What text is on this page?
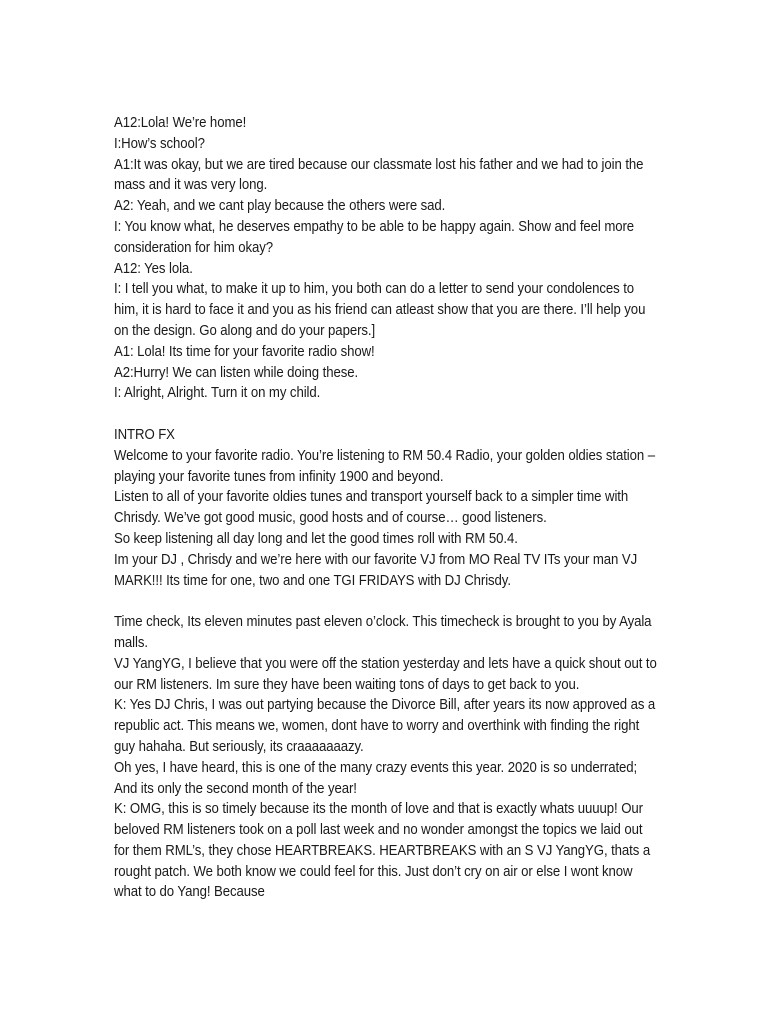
A12:Lola! We’re home!

I:How’s school?

A1:It was okay, but we are tired because our classmate lost his father and we had to join the mass and it was very long.

A2: Yeah, and we cant play because the others were sad.

I: You know what, he deserves empathy to be able to be happy again. Show and feel more consideration for him okay?

A12: Yes lola.

I: I tell you what, to make it up to him, you both can do a letter to send your condolences to him, it is hard to face it and you as his friend can atleast show that you are there. I’ll help you on the design. Go along and do your papers.]

A1: Lola! Its time for your favorite radio show!

A2:Hurry! We can listen while doing these.

I: Alright, Alright. Turn it on my child.

INTRO FX

Welcome to your favorite radio. You’re listening to RM 50.4 Radio, your golden oldies station – playing your favorite tunes from infinity 1900 and beyond.

Listen to all of your favorite oldies tunes and transport yourself back to a simpler time with Chrisdy. We’ve got good music, good hosts and of course… good listeners.

So keep listening all day long and let the good times roll with RM 50.4.

Im your DJ , Chrisdy and we’re here with our favorite VJ from MO Real TV ITs your man VJ MARK!!! Its time for one, two and one TGI FRIDAYS with DJ Chrisdy.

Time check, Its eleven minutes past eleven o’clock. This timecheck is brought to you by Ayala malls.

VJ YangYG, I believe that you were off the station yesterday and lets have a quick shout out to our RM listeners. Im sure they have been waiting tons of days to get back to you.

K: Yes DJ Chris, I was out partying because the Divorce Bill, after years its now approved as a republic act. This means we, women, dont have to worry and overthink with finding the right guy hahaha. But seriously, its craaaaaaazy.

Oh yes, I have heard, this is one of the many crazy events this year. 2020 is so underrated; And its only the second month of the year!

K: OMG, this is so timely because its the month of love and that is exactly whats uuuup! Our beloved RM listeners took on a poll last week and no wonder amongst the topics we laid out for them RML’s, they chose HEARTBREAKS. HEARTBREAKS with an S VJ YangYG, thats a rought patch. We both know we could feel for this. Just don’t cry on air or else I wont know what to do Yang! Because
